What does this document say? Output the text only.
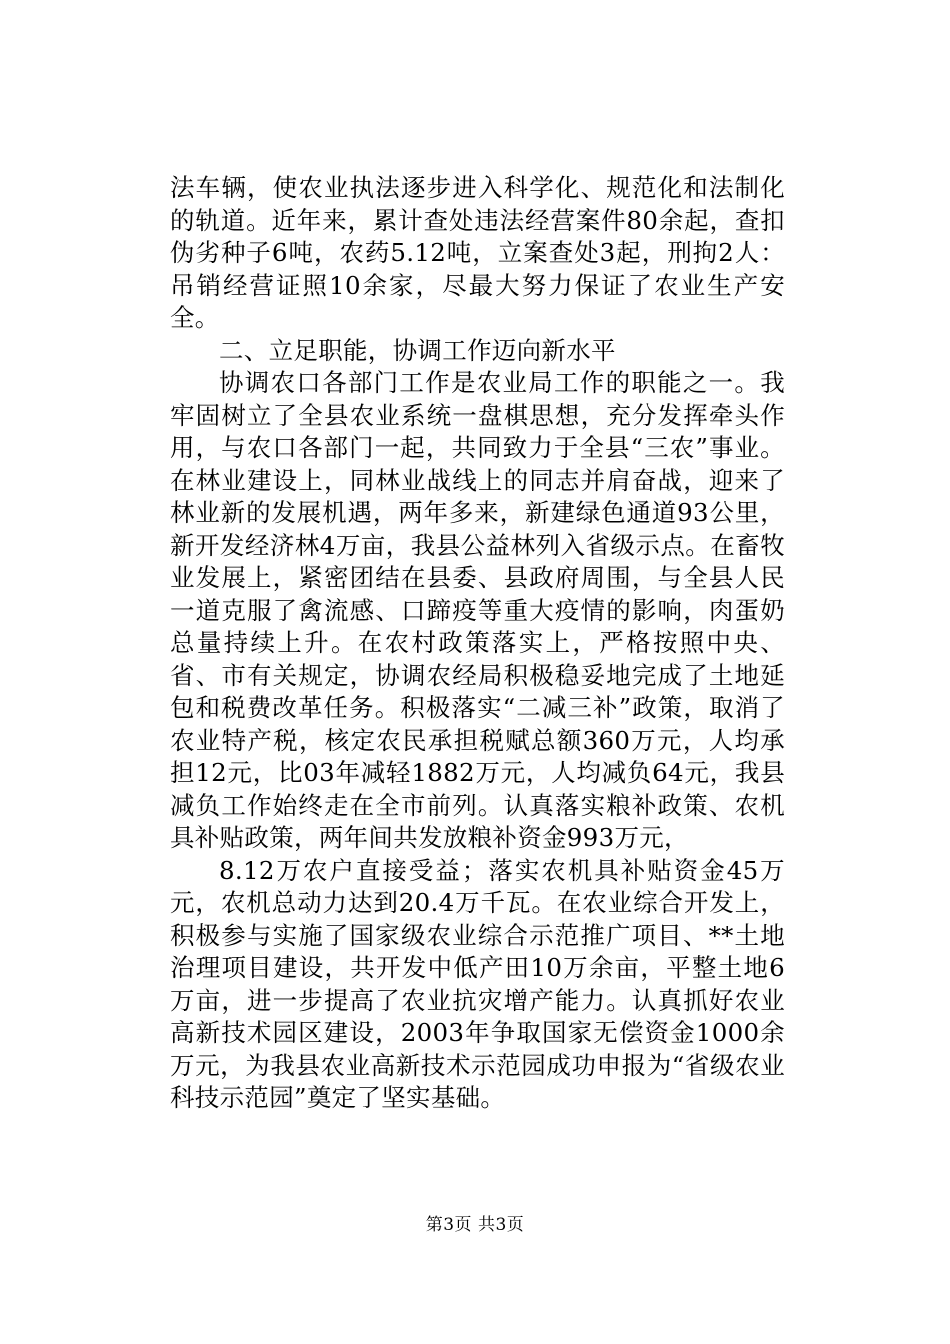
法车辆，使农业执法逐步进入科学化、规范化和法制化的轨道。近年来，累计查处违法经营案件80余起，查扣伪劣种子6吨，农药5.12吨，立案查处3起，刑拘2人：吊销经营证照10余家，尽最大努力保证了农业生产安全。

二、立足职能，协调工作迈向新水平

协调农口各部门工作是农业局工作的职能之一。我牢固树立了全县农业系统一盘棋思想，充分发挥牵头作用，与农口各部门一起，共同致力于全县“三农”事业。在林业建设上，同林业战线上的同志并肩奋战，迎来了林业新的发展机遇，两年多来，新建绿色通道93公里，新开发经济林4万亩，我县公益林列入省级示点。在畜牧业发展上，紧密团结在县委、县政府周围，与全县人民一道克服了禽流感、口蹄疫等重大疫情的影响，肉蛋奶总量持续上升。在农村政策落实上，严格按照中央、省、市有关规定，协调农经局积极稳妥地完成了土地延包和税费改革任务。积极落实“二减三补”政策，取消了农业特产税，核定农民承担税赋总额360万元，人均承担12元，比03年减轻1882万元，人均减负64元，我县减负工作始终走在全市前列。认真落实粮补政策、农机具补贴政策，两年间共发放粮补资金993万元，

8.12万农户直接受益；落实农机具补贴资金45万元，农机总动力达到20.4万千瓦。在农业综合开发上，积极参与实施了国家级农业综合示范推广项目、**土地治理项目建设，共开发中低产田10万余亩，平整土地6万亩，进一步提高了农业抗灾增产能力。认真抓好农业高新技术园区建设，2003年争取国家无偿资金1000余万元，为我县农业高新技术示范园成功申报为“省级农业科技示范园”奠定了坚实基础。

第3页 共3页
